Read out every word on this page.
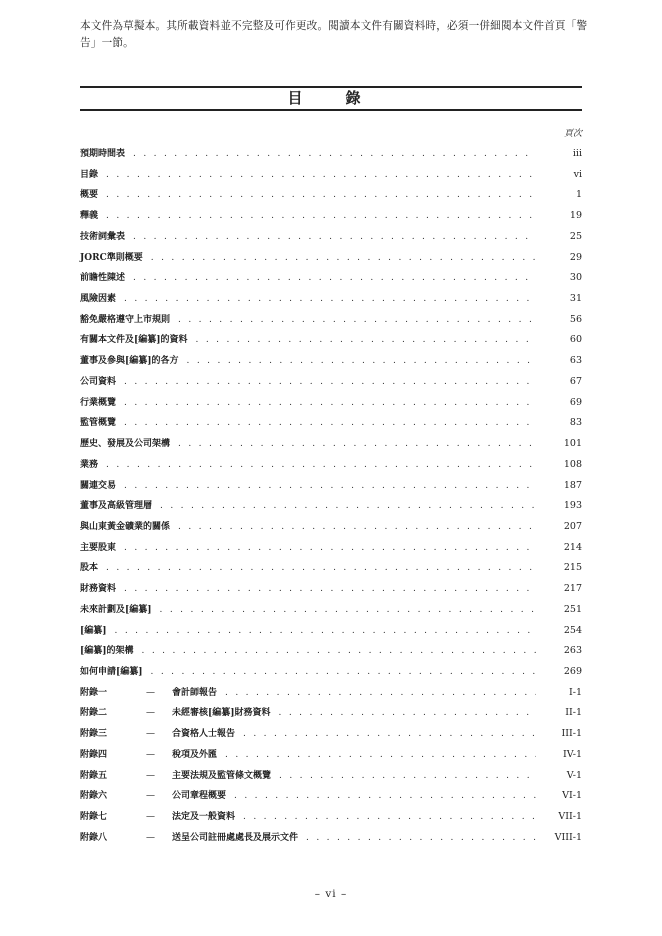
本文件為草擬本。其所載資料並不完整及可作更改。閱讀本文件有關資料時，必須一併細閱本文件首頁「警告」一節。
目　錄
頁次
預期時間表 . . .	iii
目錄 . . .	vi
概要 . . .	1
釋義 . . .	19
技術詞彙表 . . .	25
JORC準則概要 . . .	29
前瞻性陳述 . . .	30
風險因素 . . .	31
豁免嚴格遵守上市規則 . . .	56
有關本文件及[編纂]的資料 . . .	60
董事及參與[編纂]的各方 . . .	63
公司資料 . . .	67
行業概覽 . . .	69
監管概覽 . . .	83
歷史、發展及公司架構 . . .	101
業務 . . .	108
關連交易 . . .	187
董事及高級管理層 . . .	193
與山東黃金礦業的關係 . . .	207
主要股東 . . .	214
股本 . . .	215
財務資料 . . .	217
未來計劃及[編纂] . . .	251
[編纂] . . .	254
[編纂]的架構 . . .	263
如何申請[編纂] . . .	269
附錄一	—	會計師報告 . . .	I-1
附錄二	—	未經審核[編纂]財務資料 . . .	II-1
附錄三	—	合資格人士報告 . . .	III-1
附錄四	—	稅項及外匯 . . .	IV-1
附錄五	—	主要法規及監管條文概覽 . . .	V-1
附錄六	—	公司章程概要 . . .	VI-1
附錄七	—	法定及一般資料 . . .	VII-1
附錄八	—	送呈公司註冊處處長及展示文件 . . .	VIII-1
– vi –
